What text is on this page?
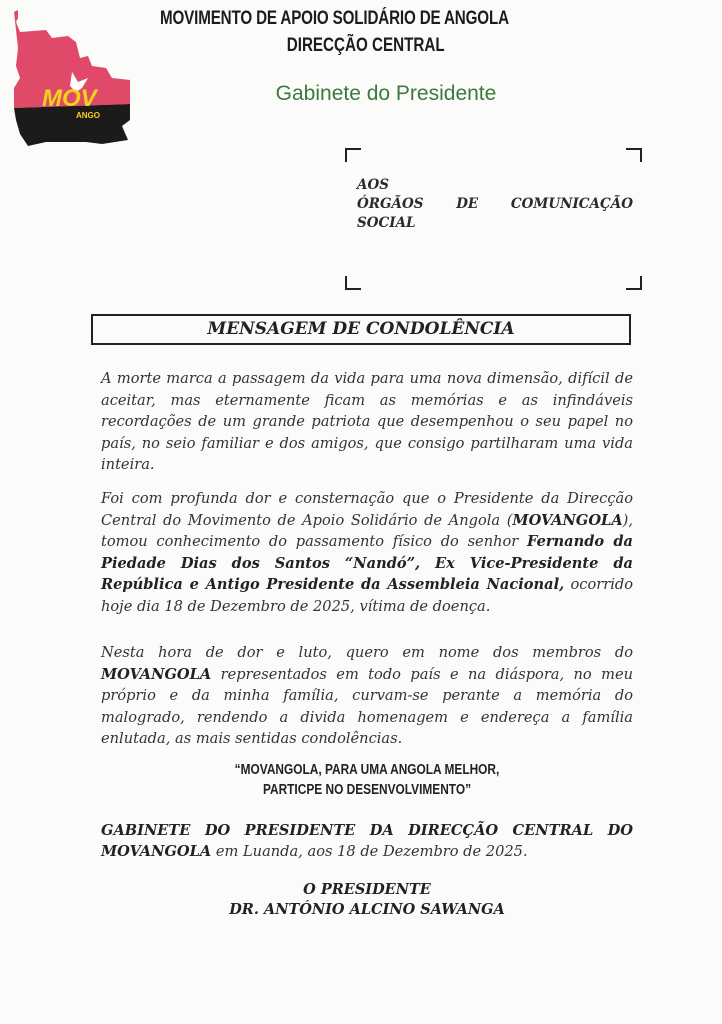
MOV
ANGO
MOVIMENTO DE APOIO SOLIDÁRIO DE ANGOLA
DIRECÇÃO CENTRAL
Gabinete do Presidente
AOS
ÓRGÃOS DE COMUNICAÇÃO
SOCIAL
MENSAGEM DE CONDOLÊNCIA
A morte marca a passagem da vida para uma nova dimensão, difícil de aceitar, mas eternamente ficam as memórias e as infindáveis recordações de um grande patriota que desempenhou o seu papel no país, no seio familiar e dos amigos, que consigo partilharam uma vida inteira.
Foi com profunda dor e consternação que o Presidente da Direcção Central do Movimento de Apoio Solidário de Angola (MOVANGOLA), tomou conhecimento do passamento físico do senhor Fernando da Piedade Dias dos Santos “Nandó”, Ex Vice-Presidente da República e Antigo Presidente da Assembleia Nacional, ocorrido hoje dia 18 de Dezembro de 2025, vítima de doença.
Nesta hora de dor e luto, quero em nome dos membros do MOVANGOLA representados em todo país e na diáspora, no meu próprio e da minha família, curvam-se perante a memória do malogrado, rendendo a divida homenagem e endereça a família enlutada, as mais sentidas condolências.
“MOVANGOLA, PARA UMA ANGOLA MELHOR,
PARTICPE NO DESENVOLVIMENTO”
GABINETE DO PRESIDENTE DA DIRECÇÃO CENTRAL DO
MOVANGOLA em Luanda, aos 18 de Dezembro de 2025.
O PRESIDENTE
DR. ANTÓNIO ALCINO SAWANGA
